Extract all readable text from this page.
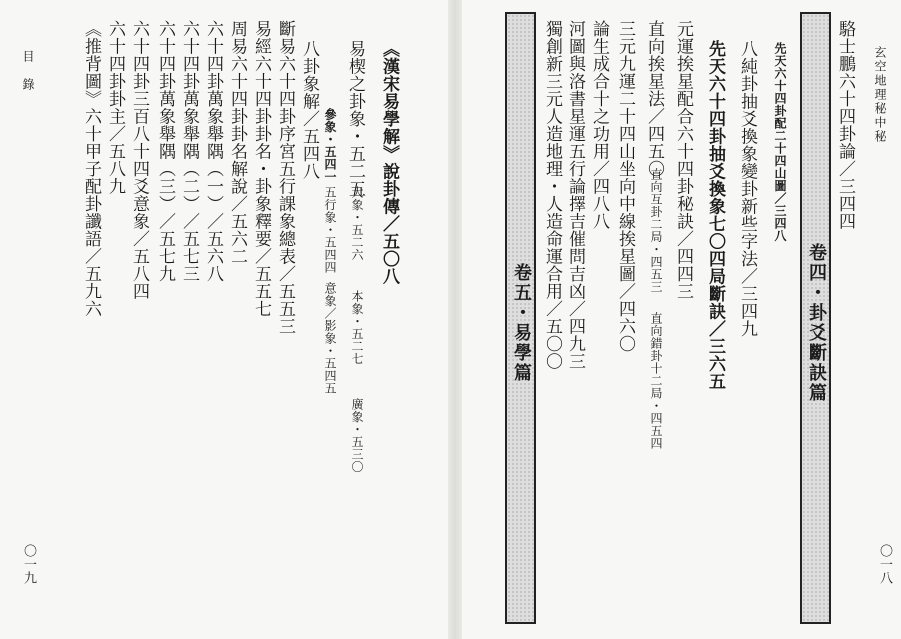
玄空地理秘中秘
〇一八
駱士鵬六十四卦論／三四四
卷四・卦爻斷訣篇
先天六十四卦配二十四山圖／三四八
八純卦抽爻換象變卦新些字法／三四九
先天六十四卦抽爻換象七〇四局斷訣／三六五
元運挨星配合六十四卦秘訣／四四三
直向挨星法／四五〇
直向互卦二局・四五三
直向錯卦十二局・四五四
三元九運二十四山坐向中線挨星圖／四六〇
論生成合十之功用／四八八
河圖與洛書星運五行論擇吉催問吉凶／四九三
獨創新三元人造地理・人造命運合用／五〇〇
卷五・易學篇
目錄
〇一九
《漢宋易學解》說卦傳／五〇八
易楔之卦象・五二五
大象・五二六
本象・五二七
廣象・五三〇
參象・五四一
五行象・五四四
意象／影象・五四五
八卦象解／五四八
斷易六十四卦序宮五行課象總表／五五三
易經六十四卦卦名・卦象釋要／五五七
周易六十四卦卦名解說／五六二
六十四卦萬象舉隅（一）／五六八
六十四卦萬象舉隅（二）／五七三
六十四卦萬象舉隅（三）／五七九
六十四卦三百八十四爻意象／五八四
六十四卦卦主／五八九
《推背圖》六十甲子配卦讖語／五九六
